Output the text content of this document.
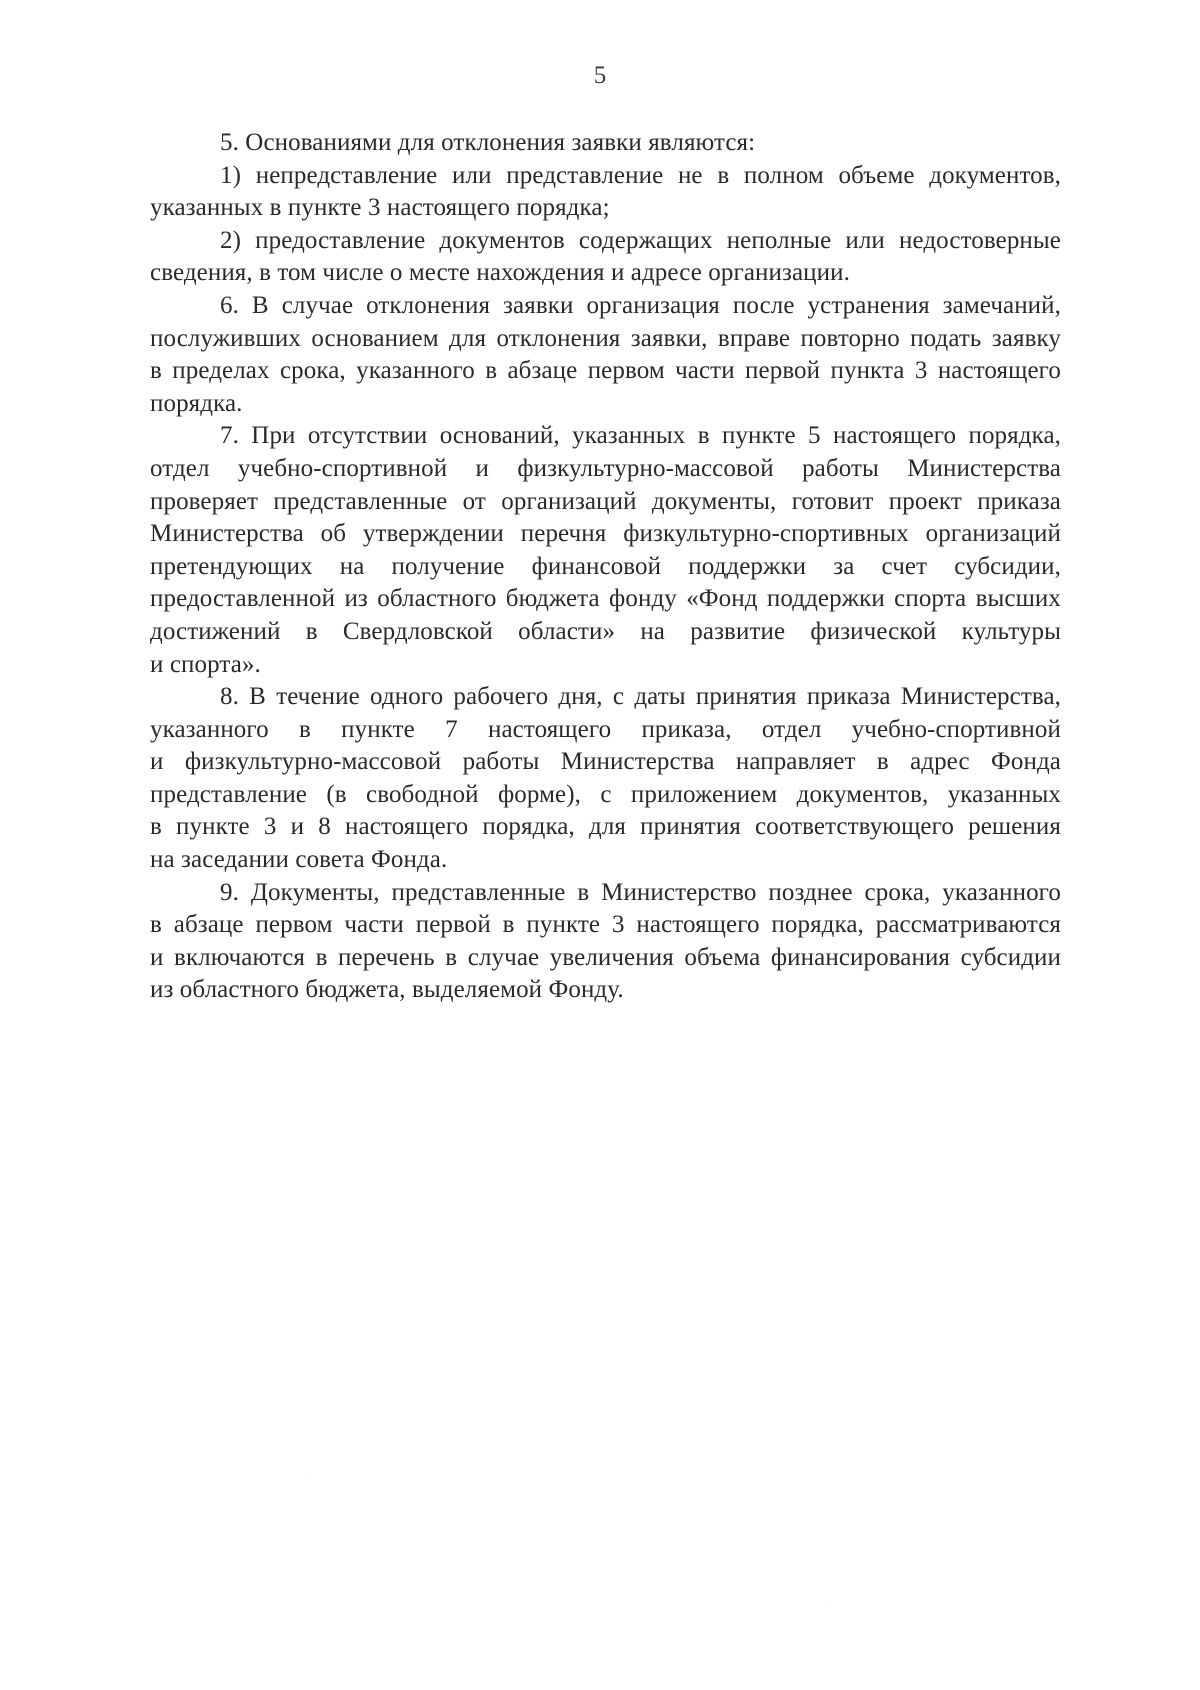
5
5. Основаниями для отклонения заявки являются:
1) непредставление или представление не в полном объеме документов,
указанных в пункте 3 настоящего порядка;
2) предоставление документов содержащих неполные или недостоверные
сведения, в том числе о месте нахождения и адресе организации.
6. В случае отклонения заявки организация после устранения замечаний,
послуживших основанием для отклонения заявки, вправе повторно подать заявку
в пределах срока, указанного в абзаце первом части первой пункта 3 настоящего
порядка.
7. При отсутствии оснований, указанных в пункте 5 настоящего порядка,
отдел учебно-спортивной и физкультурно-массовой работы Министерства
проверяет представленные от организаций документы, готовит проект приказа
Министерства об утверждении перечня физкультурно-спортивных организаций
претендующих на получение финансовой поддержки за счет субсидии,
предоставленной из областного бюджета фонду «Фонд поддержки спорта высших
достижений в Свердловской области» на развитие физической культуры
и спорта».
8. В течение одного рабочего дня, с даты принятия приказа Министерства,
указанного в пункте 7 настоящего приказа, отдел учебно-спортивной
и физкультурно-массовой работы Министерства направляет в адрес Фонда
представление (в свободной форме), с приложением документов, указанных
в пункте 3 и 8 настоящего порядка, для принятия соответствующего решения
на заседании совета Фонда.
9. Документы, представленные в Министерство позднее срока, указанного
в абзаце первом части первой в пункте 3 настоящего порядка, рассматриваются
и включаются в перечень в случае увеличения объема финансирования субсидии
из областного бюджета, выделяемой Фонду.
